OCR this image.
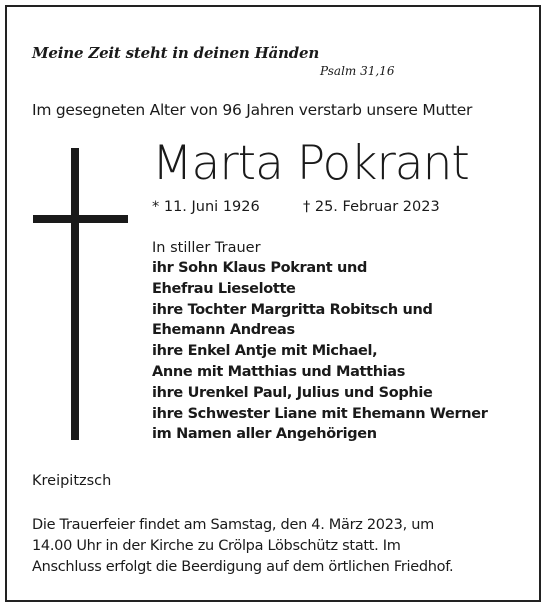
Meine Zeit steht in deinen Händen
Psalm 31,16
Im gesegneten Alter von 96 Jahren verstarb unsere Mutter
Marta Pokrant
* 11. Juni 1926	† 25. Februar 2023
In stiller Trauer
ihr Sohn Klaus Pokrant und
Ehefrau Lieselotte
ihre Tochter Margritta Robitsch und
Ehemann Andreas
ihre Enkel Antje mit Michael,
Anne mit Matthias und Matthias
ihre Urenkel Paul, Julius und Sophie
ihre Schwester Liane mit Ehemann Werner
im Namen aller Angehörigen
Kreipitzsch
Die Trauerfeier findet am Samstag, den 4. März 2023, um
14.00 Uhr in der Kirche zu Crölpa Löbschütz statt. Im
Anschluss erfolgt die Beerdigung auf dem örtlichen Friedhof.
